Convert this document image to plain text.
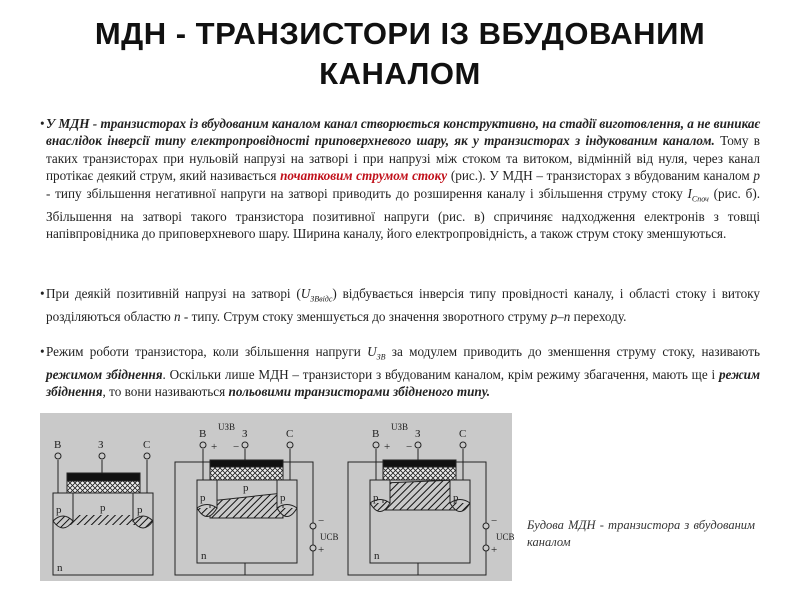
МДН - ТРАНЗИСТОРИ ІЗ ВБУДОВАНИМ КАНАЛОМ
• У МДН - транзисторах із вбудованим каналом канал створюється конструктивно, на стадії виготовлення, а не виникає внаслідок інверсії типу електропровідності приповерхневого шару, як у транзисторах з індукованим каналом. Тому в таких транзисторах при нульовій напрузі на затворі і при напрузі між стоком та витоком, відмінній від нуля, через канал протікає деякий струм, який називається початковим струмом стоку (рис.). У МДН – транзисторах з вбудованим каналом p - типу збільшення негативної напруги на затворі приводить до розширення каналу і збільшення струму стоку $I_{Споч}$ (рис. б). Збільшення на затворі такого транзистора позитивної напруги (рис. в) спричиняє надходження електронів з товщі напівпровідника до приповерхневого шару. Ширина каналу, його електропровідність, а також струм стоку зменшуються.
• При деякій позитивній напрузі на затворі $(U_{ЗВвідс})$ відбувається інверсія типу провідності каналу, і області стоку і витоку розділяються областю n - типу. Струм стоку зменшується до значення зворотного струму p–n переходу.
• Режим роботи транзистора, коли збільшення напруги $U_{ЗВ}$ за модулем приводить до зменшення струму стоку, називають режимом збіднення. Оскільки лише МДН – транзистори з вбудованим каналом, крім режиму збагачення, мають ще і режим збіднення, то вони називаються польовими транзисторами збідненого типу.
В	З	С
p	p
p
n
В	З	С
UЗВ
+ −
p	p
p
n
−
+
UСВ
В	З	С
UЗВ
+ −
p	p
n
−
+
UСВ
Будова МДН - транзистора з вбудованим каналом
